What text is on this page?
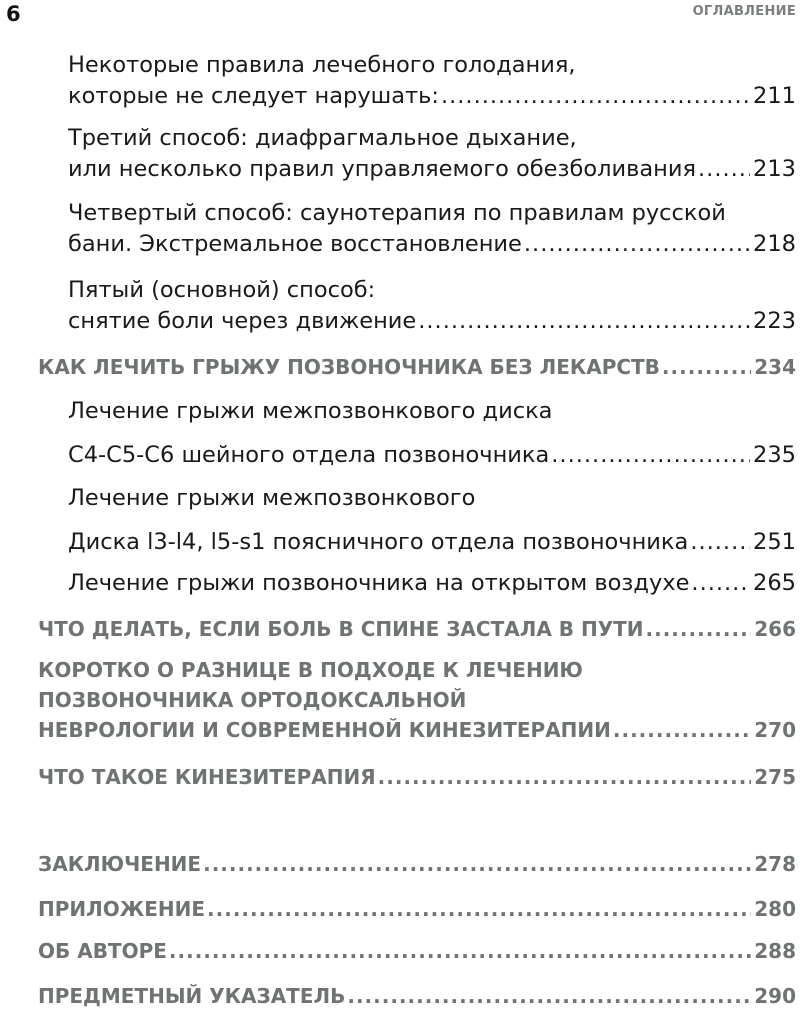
6	ОГЛАВЛЕНИЕ
Некоторые правила лечебного голодания,
которые не следует нарушать: .....	211
Третий способ: диафрагмальное дыхание,
или несколько правил управляемого обезболивания .....	213
Четвертый способ: саунотерапия по правилам русской
бани. Экстремальное восстановление .....	218
Пятый (основной) способ:
снятие боли через движение .....	223
КАК ЛЕЧИТЬ ГРЫЖУ ПОЗВОНОЧНИКА БЕЗ ЛЕКАРСТВ .....	234
Лечение грыжи межпозвонкового диска
С4-С5-С6 шейного отдела позвоночника .....	235
Лечение грыжи межпозвонкового
Диска l3-l4, l5-s1 поясничного отдела позвоночника .....	251
Лечение грыжи позвоночника на открытом воздухе .....	265
ЧТО ДЕЛАТЬ, ЕСЛИ БОЛЬ В СПИНЕ ЗАСТАЛА В ПУТИ .....	266
КОРОТКО О РАЗНИЦЕ В ПОДХОДЕ К ЛЕЧЕНИЮ
ПОЗВОНОЧНИКА ОРТОДОКСАЛЬНОЙ
НЕВРОЛОГИИ И СОВРЕМЕННОЙ КИНЕЗИТЕРАПИИ .....	270
ЧТО ТАКОЕ КИНЕЗИТЕРАПИЯ .....	275
ЗАКЛЮЧЕНИЕ .....	278
ПРИЛОЖЕНИЕ .....	280
ОБ АВТОРЕ .....	288
ПРЕДМЕТНЫЙ УКАЗАТЕЛЬ .....	290
